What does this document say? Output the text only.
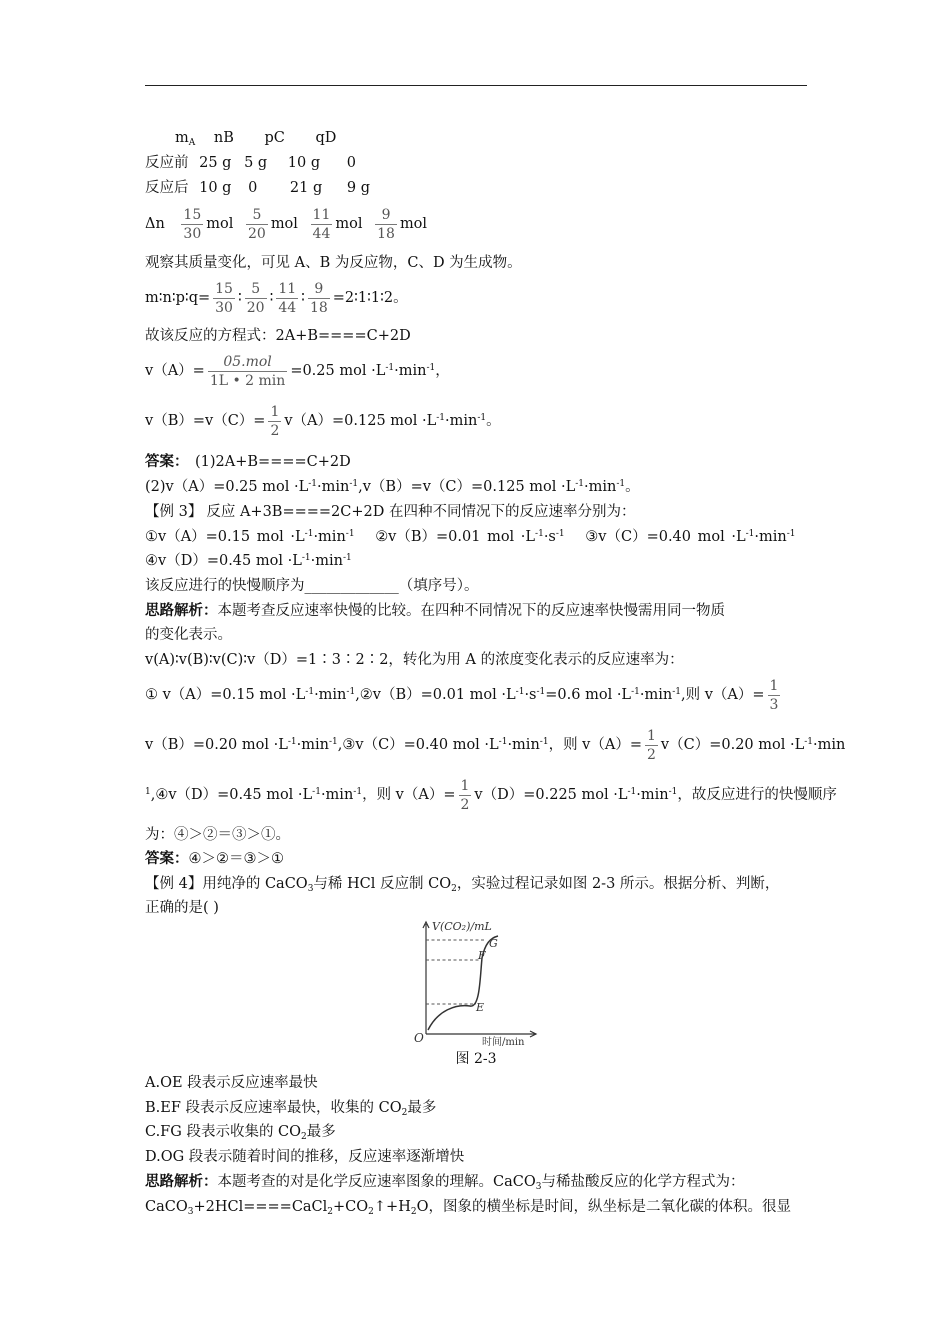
$m_A$ nB pC qD
反应前 25 g 5 g 10 g 0
反应后 10 g 0 21 g 9 g
Δn $\frac{15}{30}$ mol $\frac{5}{20}$ mol $\frac{11}{44}$ mol $\frac{9}{18}$ mol
观察其质量变化，可见 A、B 为反应物，C、D 为生成物。
m∶n∶p∶q= $\frac{15}{30}$ ∶ $\frac{5}{20}$ ∶ $\frac{11}{44}$ ∶ $\frac{9}{18}$ =2∶1∶1∶2。
故该反应的方程式：2A+B====C+2D
v（A）=
05.mol
1L • 2 min
=0.25 mol $\cdot L^{-1}\cdot\min^{-1}$，
$v(B)=v(C)= \frac{1}{2} v(A)=0.125$ mol $\cdot L^{-1}\cdot\min^{-1}$。
答案： (1)2A+B====C+2D
(2)v（A）=0.25 mol $\cdot L^{-1}\cdot\min^{-1},v(B)=v(C)=0.125$ mol $\cdot L^{-1}\cdot\min^{-1}$。
【例 3】 反应 A+3B====2C+2D 在四种不同情况下的反应速率分别为：
①v（A）=0.15 mol $\cdot L^{-1}\cdot\min^{-1}$ ②v（B）=0.01 mol $\cdot L^{-1}\cdot s^{-1}$ ③v（C）=0.40 mol $\cdot L^{-1}\cdot\min^{-1}$
④v（D）=0.45 mol $\cdot L^{-1}\cdot\min^{-1}$
该反应进行的快慢顺序为_____________（填序号）。
思路解析：本题考查反应速率快慢的比较。在四种不同情况下的反应速率快慢需用同一物质
的变化表示。
v(A)∶v(B)∶v(C)∶v（D）=1∶3∶2∶2，转化为用 A 的浓度变化表示的反应速率为：
① v（A）=0.15 mol $\cdot L^{-1}\cdot\min^{-1},②v(B)=0.01$ mol $\cdot L^{-1}\cdot s^{-1}=0.6$ mol $\cdot L^{-1}\cdot\min^{-1}$,则 $v(A)= \frac{1}{3}$
v（B）=0.20 mol $\cdot L^{-1}\cdot\min^{-1},③v(C)=0.40$ mol $\cdot L^{-1}\cdot\min^{-1}$，则 $v(A)= \frac{1}{2} v(C)=0.20$ mol $\cdot L^{-1}\cdot\min$
$^1$,④v（D）=0.45 mol $\cdot L^{-1}\cdot\min^{-1}$，则 $v(A)= \frac{1}{2} v(D)=0.225$ mol $\cdot L^{-1}\cdot\min^{-1}$，故反应进行的快慢顺序
为：④＞②＝③＞①。
答案：④＞②＝③＞①
【例 4】用纯净的 CaCO$_3$与稀 HCl 反应制 $CO_2$，实验过程记录如图 2-3 所示。根据分析、判断，
正确的是( )
V(CO₂)/mL
时间/min
O
E
F
G
图 2-3
A.OE 段表示反应速率最快
B.EF 段表示反应速率最快，收集的 $CO_2$最多
C.FG 段表示收集的 $CO_2$最多
D.OG 段表示随着时间的推移，反应速率逐渐增快
思路解析：本题考查的对是化学反应速率图象的理解。CaCO$_3$与稀盐酸反应的化学方程式为：
$CaCO_3+2HCl====CaCl_2+CO_2↑+H_2O$，图象的横坐标是时间，纵坐标是二氧化碳的体积。很显
